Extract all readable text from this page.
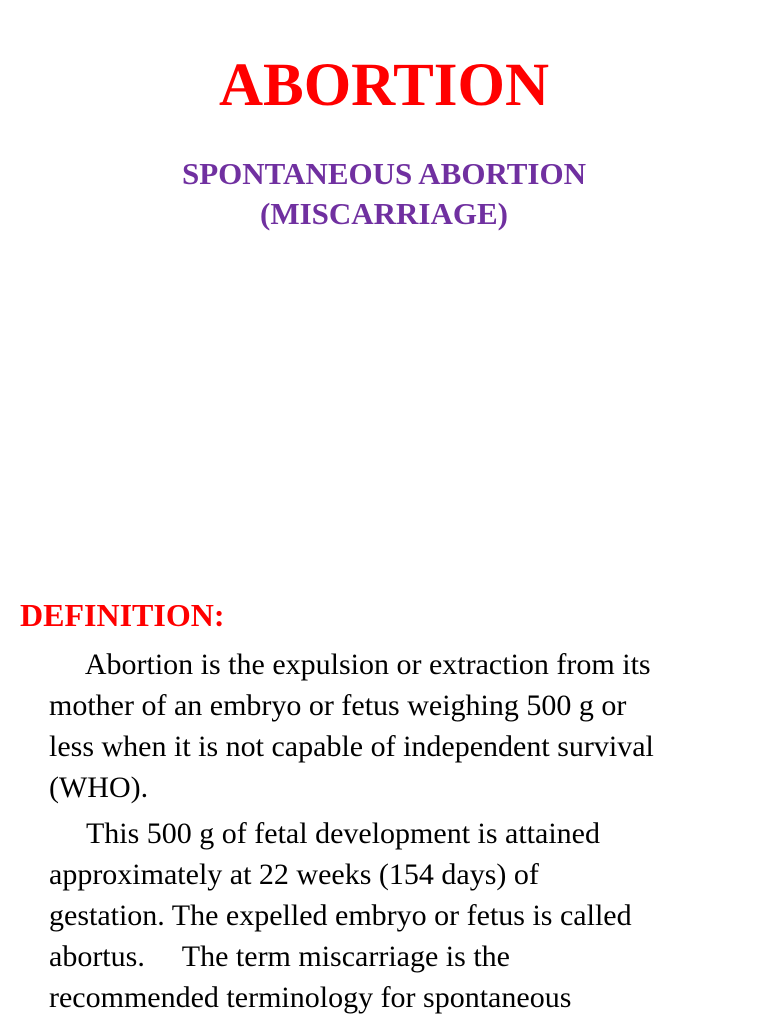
ABORTION
SPONTANEOUS ABORTION
(MISCARRIAGE)
DEFINITION:
Abortion is the expulsion or extraction from its
mother of an embryo or fetus weighing 500 g or
less when it is not capable of independent survival
(WHO).
This 500 g of fetal development is attained
approximately at 22 weeks (154 days) of
gestation. The expelled embryo or fetus is called
abortus.     The term miscarriage is the
recommended terminology for spontaneous
